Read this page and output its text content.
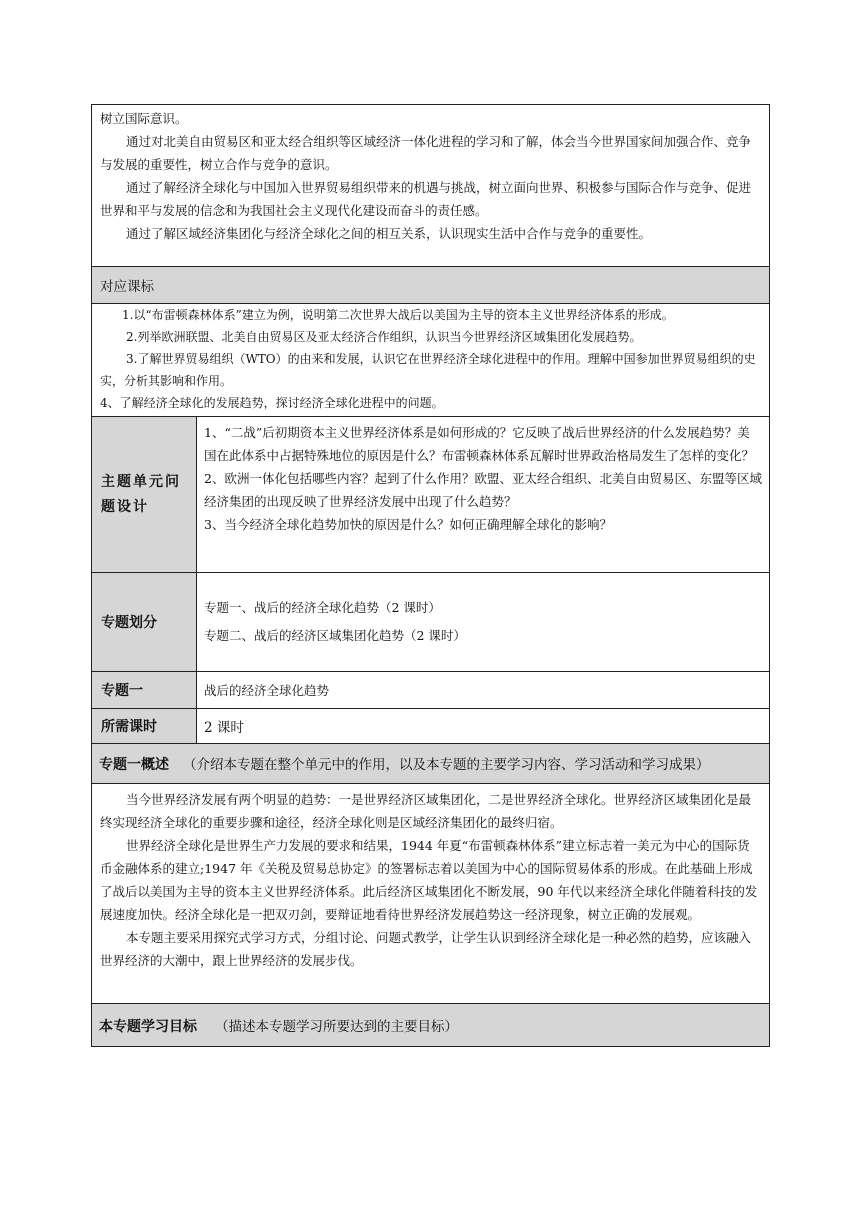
树立国际意识。

通过对北美自由贸易区和亚太经合组织等区域经济一体化进程的学习和了解，体会当今世界国家间加强合作、竞争与发展的重要性，树立合作与竞争的意识。

通过了解经济全球化与中国加入世界贸易组织带来的机遇与挑战，树立面向世界、积极参与国际合作与竞争、促进世界和平与发展的信念和为我国社会主义现代化建设而奋斗的责任感。

通过了解区域经济集团化与经济全球化之间的相互关系，认识现实生活中合作与竞争的重要性。	

对应课标	

1.以“布雷顿森林体系”建立为例，说明第二次世界大战后以美国为主导的资本主义世界经济体系的形成。

2.列举欧洲联盟、北美自由贸易区及亚太经济合作组织，认识当今世界经济区域集团化发展趋势。

3.了解世界贸易组织（WTO）的由来和发展，认识它在世界经济全球化进程中的作用。理解中国参加世界贸易组织的史实，分析其影响和作用。

4、了解经济全球化的发展趋势，探讨经济全球化进程中的问题。	

主题单元问题设计	1、“二战”后初期资本主义世界经济体系是如何形成的？它反映了战后世界经济的什么发展趋势？美国在此体系中占据特殊地位的原因是什么？布雷顿森林体系瓦解时世界政治格局发生了怎样的变化？

2、欧洲一体化包括哪些内容？起到了什么作用？欧盟、亚太经合组织、北美自由贸易区、东盟等区域经济集团的出现反映了世界经济发展中出现了什么趋势？

3、当今经济全球化趋势加快的原因是什么？如何正确理解全球化的影响？

专题划分	专题一、战后的经济全球化趋势（2 课时）

专题二、战后的经济区域集团化趋势（2 课时）

专题一	战后的经济全球化趋势
所需课时	2 课时
专题一概述 （介绍本专题在整个单元中的作用，以及本专题的主要学习内容、学习活动和学习成果）	

当今世界经济发展有两个明显的趋势：一是世界经济区域集团化，二是世界经济全球化。世界经济区域集团化是最终实现经济全球化的重要步骤和途径，经济全球化则是区域经济集团化的最终归宿。

世界经济全球化是世界生产力发展的要求和结果，1944 年夏“布雷顿森林体系”建立标志着一美元为中心的国际货币金融体系的建立;1947 年《关税及贸易总协定》的签署标志着以美国为中心的国际贸易体系的形成。在此基础上形成了战后以美国为主导的资本主义世界经济体系。此后经济区域集团化不断发展，90 年代以来经济全球化伴随着科技的发展速度加快。经济全球化是一把双刃剑，要辩证地看待世界经济发展趋势这一经济现象，树立正确的发展观。

本专题主要采用探究式学习方式，分组讨论、问题式教学，让学生认识到经济全球化是一种必然的趋势，应该融入世界经济的大潮中，跟上世界经济的发展步伐。	

本专题学习目标 （描述本专题学习所要达到的主要目标）	
